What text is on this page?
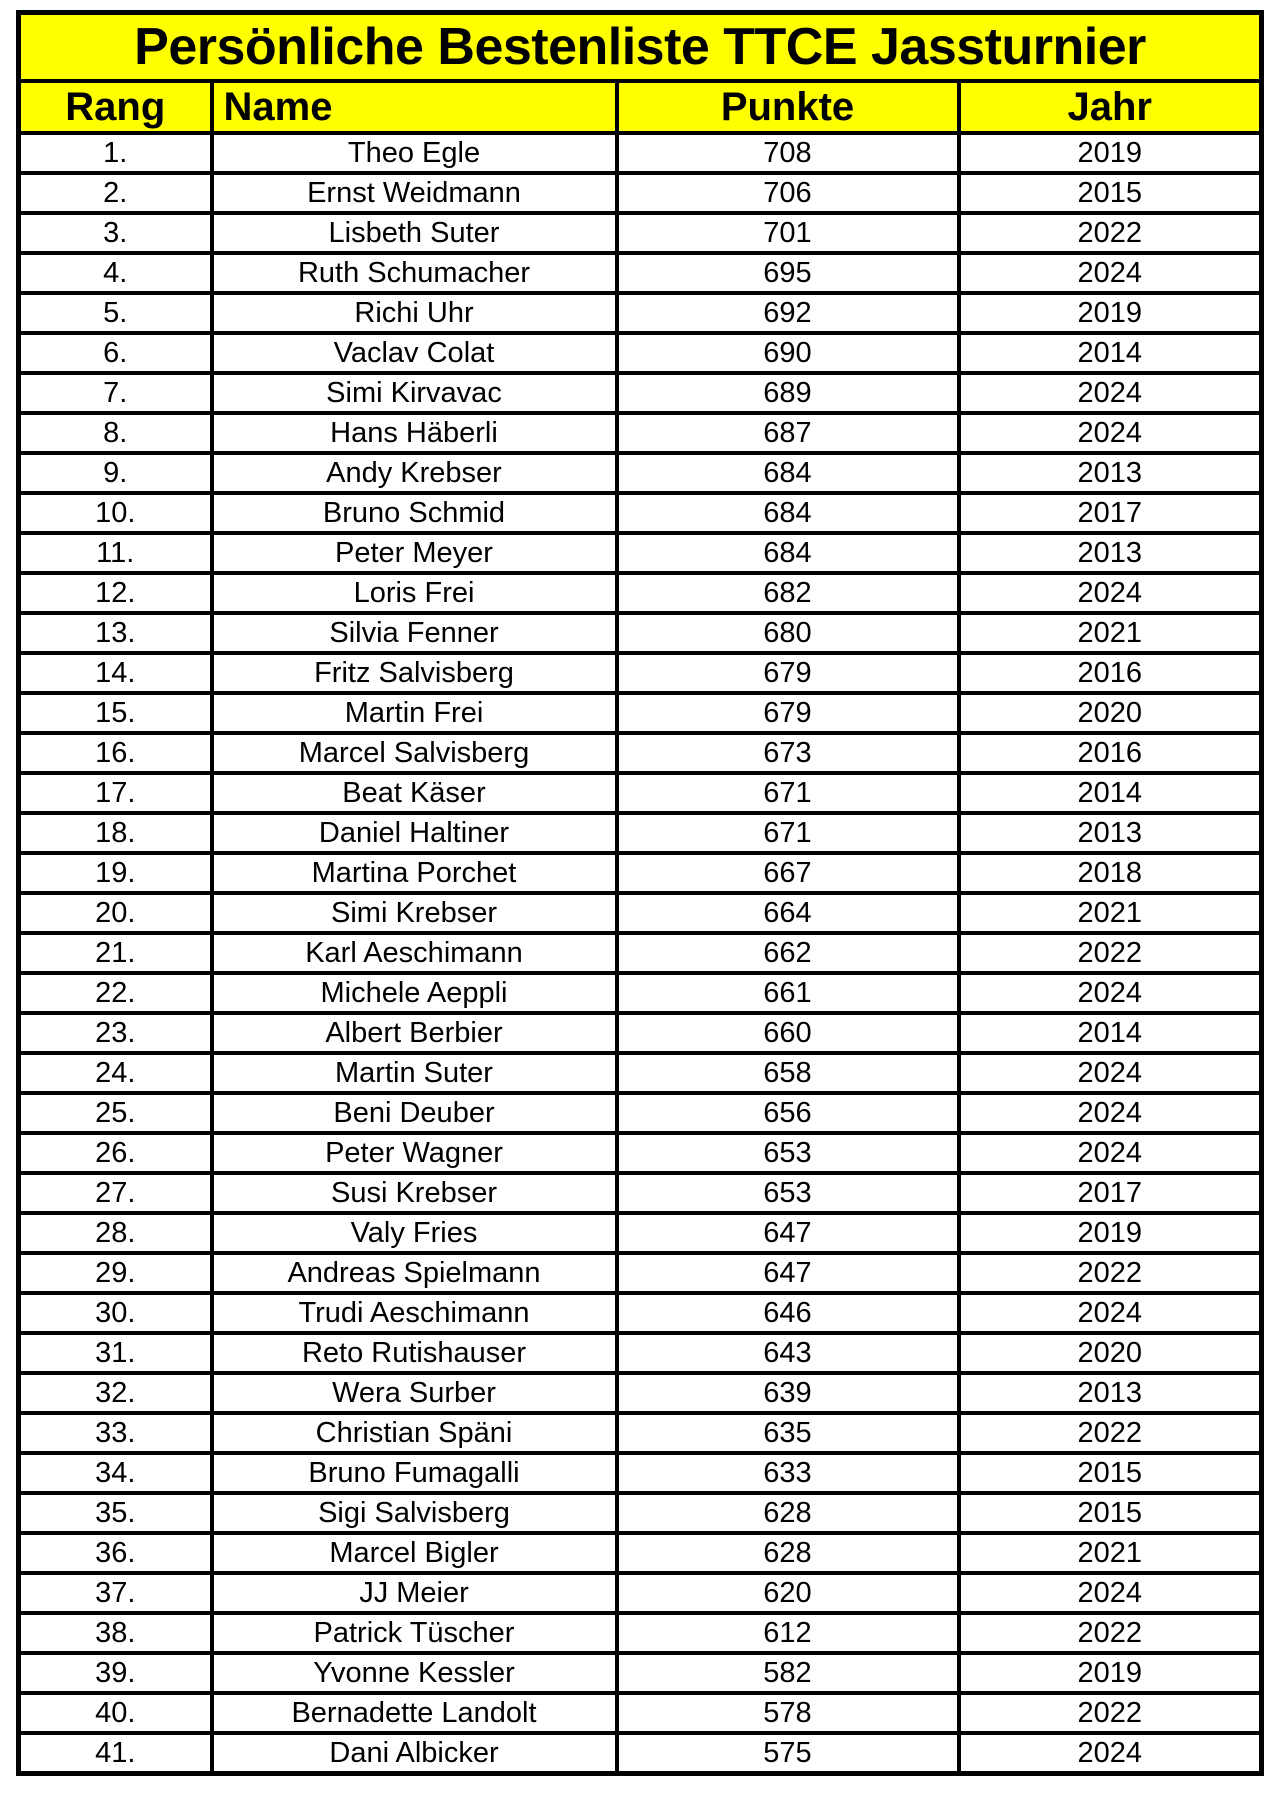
Persönliche Bestenliste TTCE Jassturnier			
Rang	Name	Punkte	Jahr
1.	Theo Egle	708	2019
2.	Ernst Weidmann	706	2015
3.	Lisbeth Suter	701	2022
4.	Ruth Schumacher	695	2024
5.	Richi Uhr	692	2019
6.	Vaclav Colat	690	2014
7.	Simi Kirvavac	689	2024
8.	Hans Häberli	687	2024
9.	Andy Krebser	684	2013
10.	Bruno Schmid	684	2017
11.	Peter Meyer	684	2013
12.	Loris Frei	682	2024
13.	Silvia Fenner	680	2021
14.	Fritz Salvisberg	679	2016
15.	Martin Frei	679	2020
16.	Marcel Salvisberg	673	2016
17.	Beat Käser	671	2014
18.	Daniel Haltiner	671	2013
19.	Martina Porchet	667	2018
20.	Simi Krebser	664	2021
21.	Karl Aeschimann	662	2022
22.	Michele Aeppli	661	2024
23.	Albert Berbier	660	2014
24.	Martin Suter	658	2024
25.	Beni Deuber	656	2024
26.	Peter Wagner	653	2024
27.	Susi Krebser	653	2017
28.	Valy Fries	647	2019
29.	Andreas Spielmann	647	2022
30.	Trudi Aeschimann	646	2024
31.	Reto Rutishauser	643	2020
32.	Wera Surber	639	2013
33.	Christian Späni	635	2022
34.	Bruno Fumagalli	633	2015
35.	Sigi Salvisberg	628	2015
36.	Marcel Bigler	628	2021
37.	JJ Meier	620	2024
38.	Patrick Tüscher	612	2022
39.	Yvonne Kessler	582	2019
40.	Bernadette Landolt	578	2022
41.	Dani Albicker	575	2024
